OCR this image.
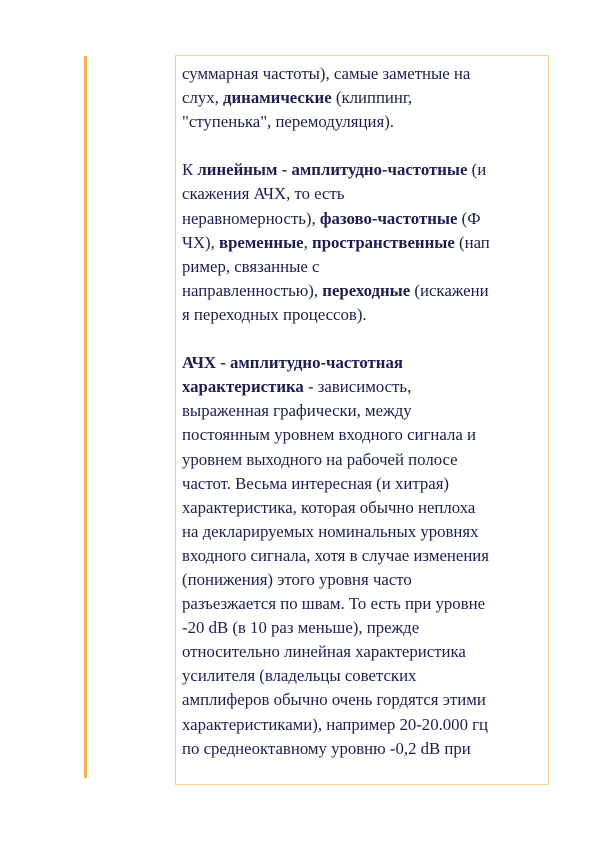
суммарная частоты), самые заметные на
слух, динамические (клиппинг,
"ступенька", перемодуляция).
К линейным - амплитудно-частотные (и
скажения АЧХ, то есть
неравномерность), фазово-частотные (Ф
ЧХ), временные, пространственные (нап
ример, связанные с
направленностью), переходные (искажени
я переходных процессов).
АЧХ - амплитудно-частотная
характеристика - зависимость,
выраженная графически, между
постоянным уровнем входного сигнала и
уровнем выходного на рабочей полосе
частот. Весьма интересная (и хитрая)
характеристика, которая обычно неплоха
на декларируемых номинальных уровнях
входного сигнала, хотя в случае изменения
(понижения) этого уровня часто
разъезжается по швам. То есть при уровне
-20 dB (в 10 раз меньше), прежде
относительно линейная характеристика
усилителя (владельцы советских
амплиферов обычно очень гордятся этими
характеристиками), например 20-20.000 гц
по среднеоктавному уровню -0,2 dB при
